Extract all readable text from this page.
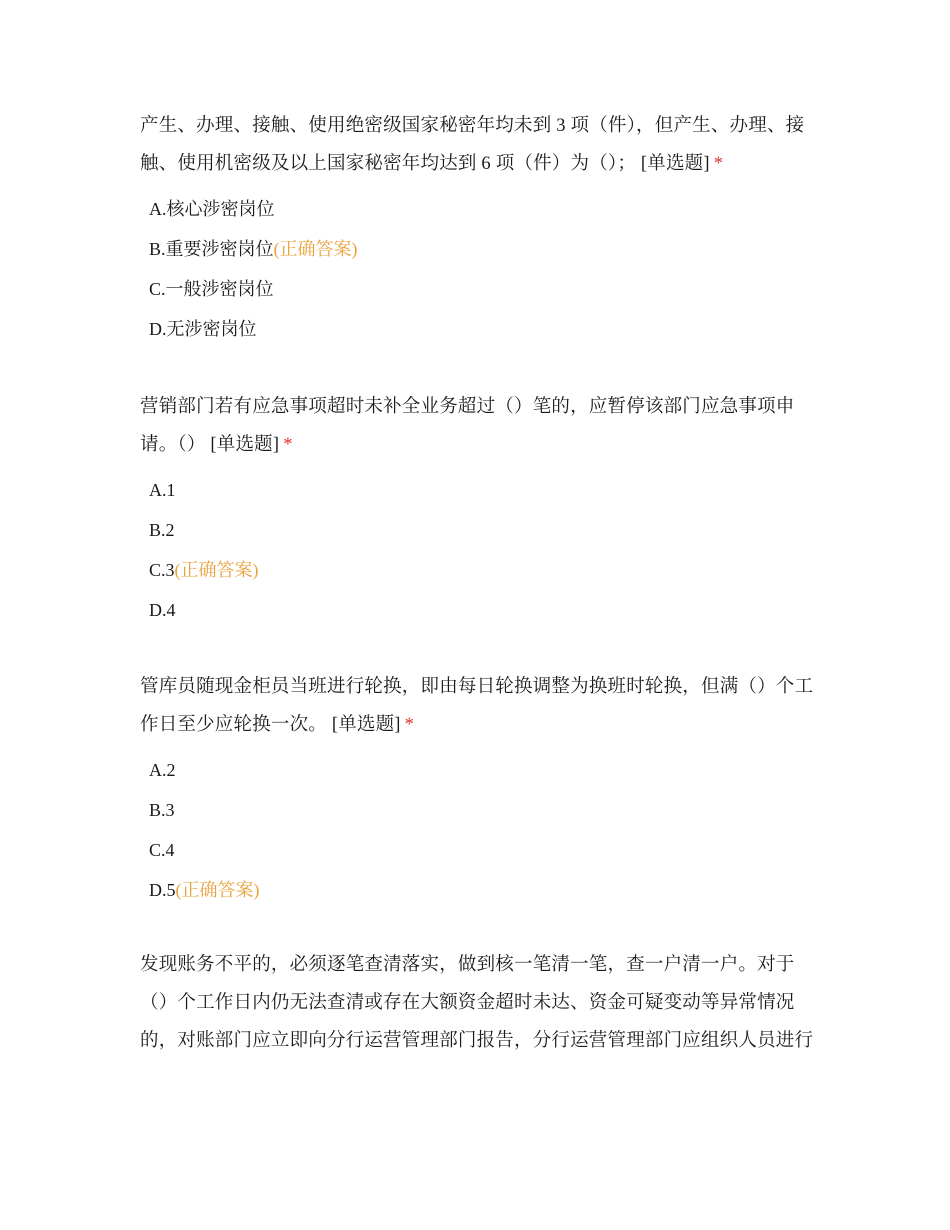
产生、办理、接触、使用绝密级国家秘密年均未到 3 项（件），但产生、办理、接触、使用机密级及以上国家秘密年均达到 6 项（件）为（）； [单选题] *

A.核心涉密岗位
B.重要涉密岗位(正确答案)
C.一般涉密岗位
D.无涉密岗位

营销部门若有应急事项超时未补全业务超过（）笔的，应暂停该部门应急事项申请。（） [单选题] *

A.1
B.2
C.3(正确答案)
D.4

管库员随现金柜员当班进行轮换，即由每日轮换调整为换班时轮换，但满（）个工作日至少应轮换一次。 [单选题] *

A.2
B.3
C.4
D.5(正确答案)

发现账务不平的，必须逐笔查清落实，做到核一笔清一笔，查一户清一户。对于（）个工作日内仍无法查清或存在大额资金超时未达、资金可疑变动等异常情况的，对账部门应立即向分行运营管理部门报告，分行运营管理部门应组织人员进行
